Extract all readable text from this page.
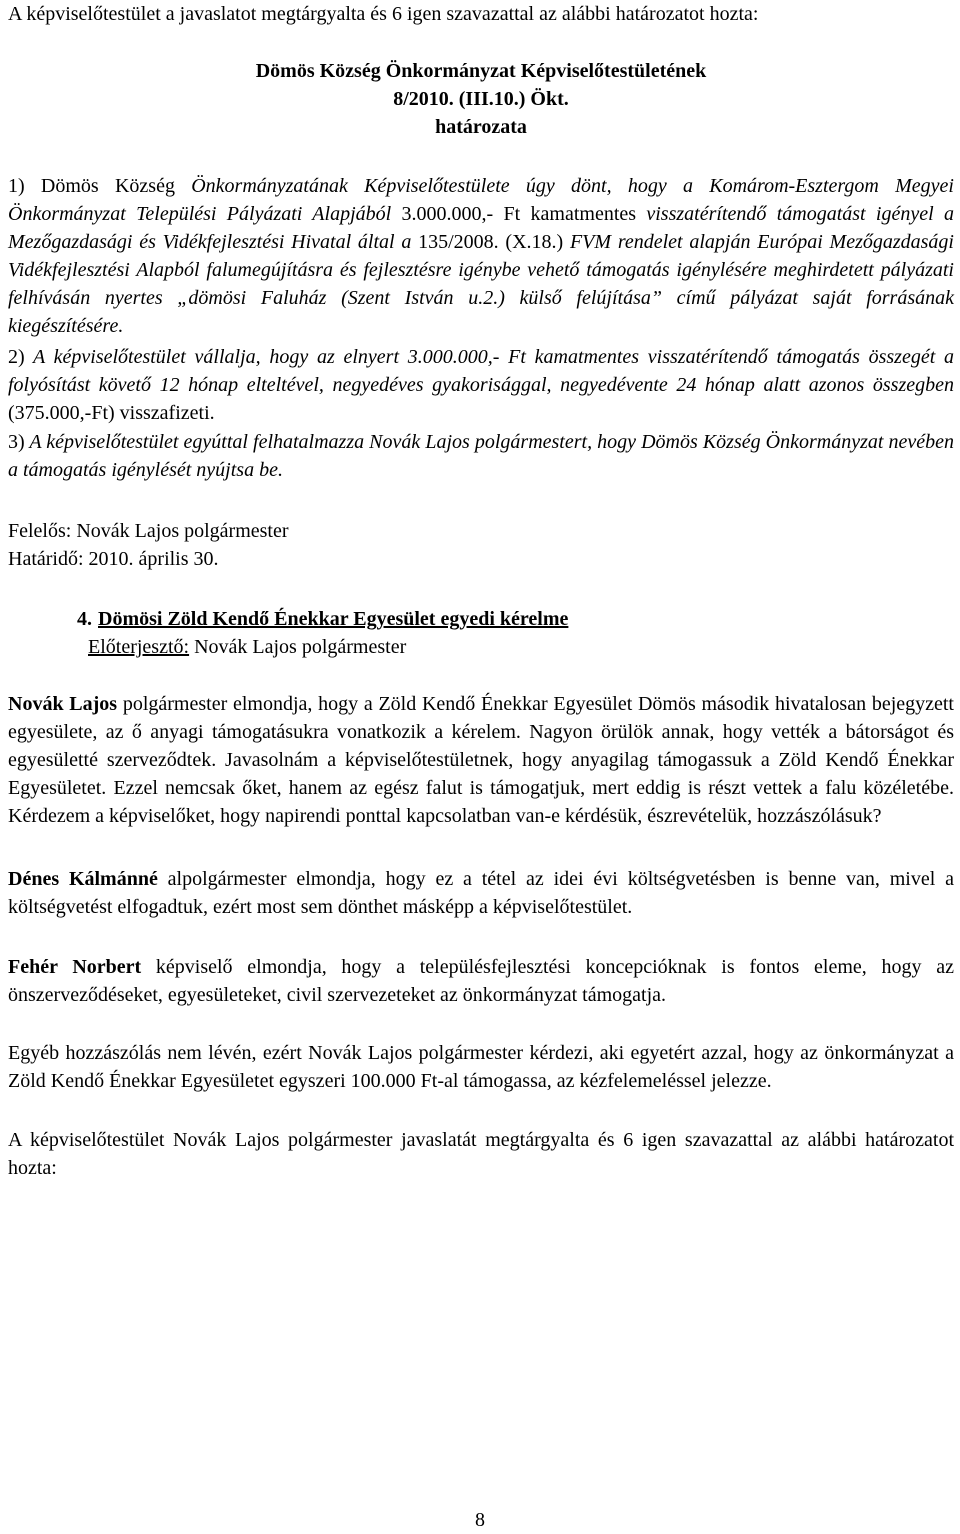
A képviselőtestület a javaslatot megtárgyalta és 6 igen szavazattal az alábbi határozatot hozta:

Dömös Község Önkormányzat Képviselőtestületének
8/2010. (III.10.) Ökt.
határozata

1) Dömös Község Önkormányzatának Képviselőtestülete úgy dönt, hogy a Komárom-Esztergom Megyei Önkormányzat Települési Pályázati Alapjából 3.000.000,- Ft kamatmentes visszatérítendő támogatást igényel a Mezőgazdasági és Vidékfejlesztési Hivatal által a 135/2008. (X.18.) FVM rendelet alapján Európai Mezőgazdasági Vidékfejlesztési Alapból falumegújításra és fejlesztésre igénybe vehető támogatás igénylésére meghirdetett pályázati felhívásán nyertes „dömösi Faluház (Szent István u.2.) külső felújítása” című pályázat saját forrásának kiegészítésére.

2) A képviselőtestület vállalja, hogy az elnyert 3.000.000,- Ft kamatmentes visszatérítendő támogatás összegét a folyósítást követő 12 hónap elteltével, negyedéves gyakorisággal, negyedévente 24 hónap alatt azonos összegben (375.000,-Ft) visszafizeti.

3) A képviselőtestület egyúttal felhatalmazza Novák Lajos polgármestert, hogy Dömös Község Önkormányzat nevében a támogatás igénylését nyújtsa be.

Felelős: Novák Lajos polgármester

Határidő: 2010. április 30.

4. Dömösi Zöld Kendő Énekkar Egyesület egyedi kérelme

Előterjesztő: Novák Lajos polgármester

Novák Lajos polgármester elmondja, hogy a Zöld Kendő Énekkar Egyesület Dömös második hivatalosan bejegyzett egyesülete, az ő anyagi támogatásukra vonatkozik a kérelem. Nagyon örülök annak, hogy vették a bátorságot és egyesületté szerveződtek. Javasolnám a képviselőtestületnek, hogy anyagilag támogassuk a Zöld Kendő Énekkar Egyesületet. Ezzel nemcsak őket, hanem az egész falut is támogatjuk, mert eddig is részt vettek a falu közéletébe. Kérdezem a képviselőket, hogy napirendi ponttal kapcsolatban van-e kérdésük, észrevételük, hozzászólásuk?

Dénes Kálmánné alpolgármester elmondja, hogy ez a tétel az idei évi költségvetésben is benne van, mivel a költségvetést elfogadtuk, ezért most sem dönthet másképp a képviselőtestület.

Fehér Norbert képviselő elmondja, hogy a településfejlesztési koncepcióknak is fontos eleme, hogy az önszerveződéseket, egyesületeket, civil szervezeteket az önkormányzat támogatja.

Egyéb hozzászólás nem lévén, ezért Novák Lajos polgármester kérdezi, aki egyetért azzal, hogy az önkormányzat a Zöld Kendő Énekkar Egyesületet egyszeri 100.000 Ft-al támogassa, az kézfelemeléssel jelezze.

A képviselőtestület Novák Lajos polgármester javaslatát megtárgyalta és 6 igen szavazattal az alábbi határozatot hozta:

8
